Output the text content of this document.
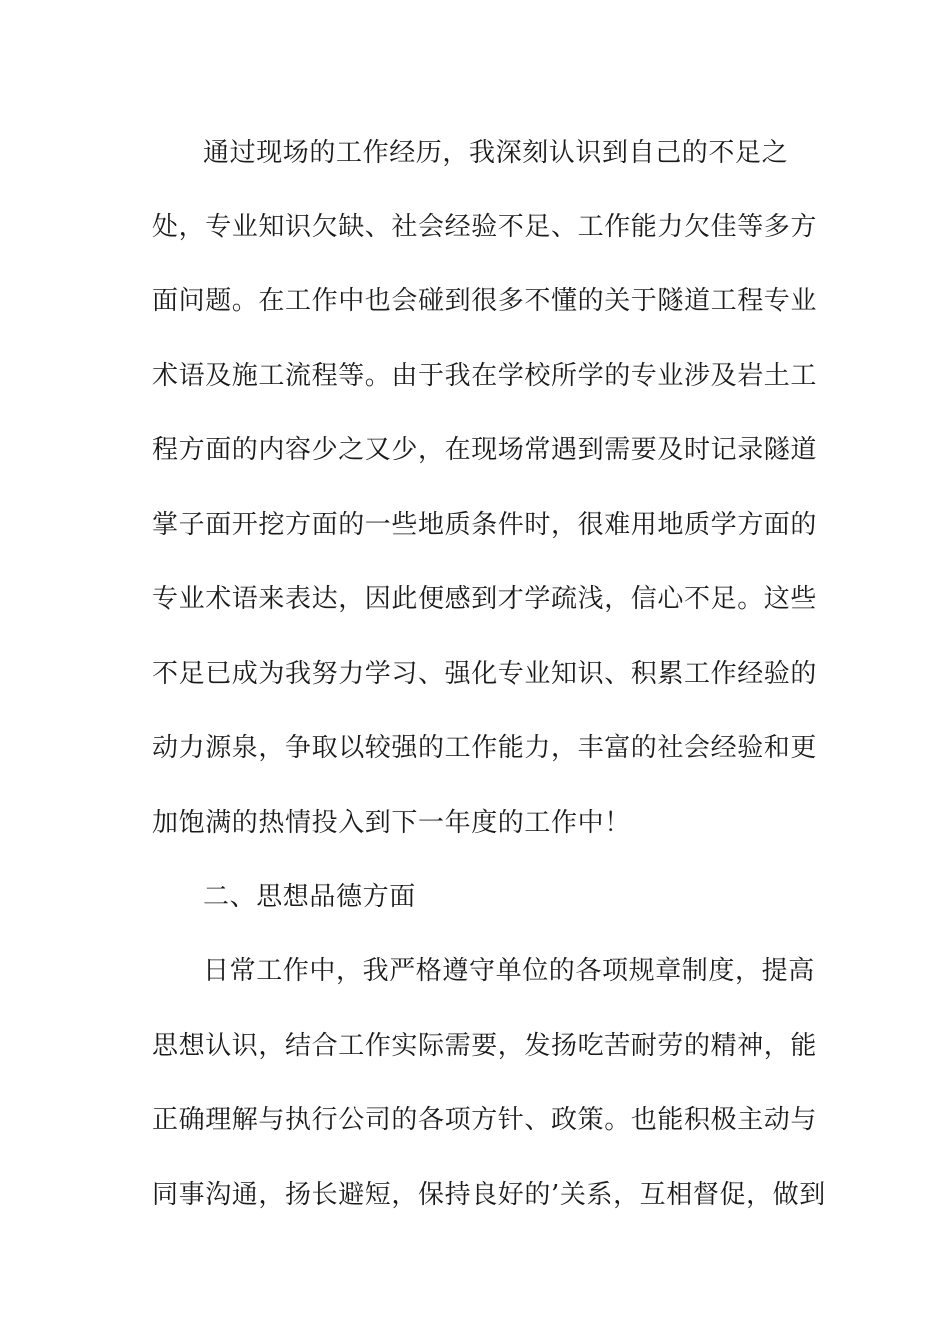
通过现场的工作经历，我深刻认识到自己的不足之
处，专业知识欠缺、社会经验不足、工作能力欠佳等多方
面问题。在工作中也会碰到很多不懂的关于隧道工程专业
术语及施工流程等。由于我在学校所学的专业涉及岩土工
程方面的内容少之又少，在现场常遇到需要及时记录隧道
掌子面开挖方面的一些地质条件时，很难用地质学方面的
专业术语来表达，因此便感到才学疏浅，信心不足。这些
不足已成为我努力学习、强化专业知识、积累工作经验的
动力源泉，争取以较强的工作能力，丰富的社会经验和更
加饱满的热情投入到下一年度的工作中！
二、思想品德方面
日常工作中，我严格遵守单位的各项规章制度，提高
思想认识，结合工作实际需要，发扬吃苦耐劳的精神，能
正确理解与执行公司的各项方针、政策。也能积极主动与
同事沟通，扬长避短，保持良好的’关系，互相督促，做到
